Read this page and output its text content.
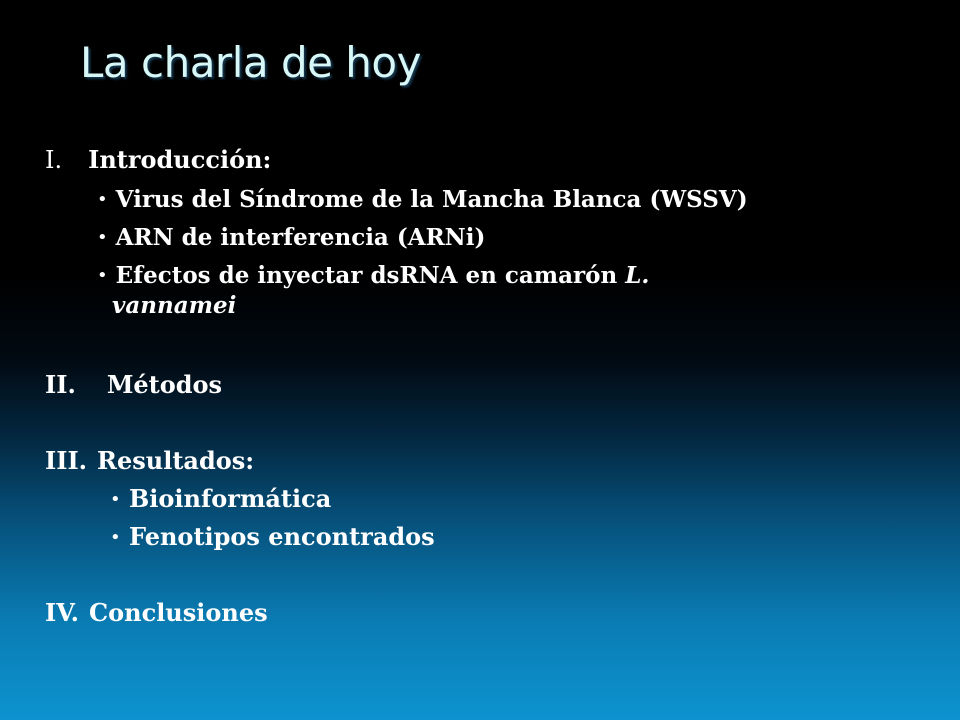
La charla de hoy
I. Introducción:
• Virus del Síndrome de la Mancha Blanca (WSSV)
• ARN de interferencia (ARNi)
• Efectos de inyectar dsRNA en camarón L.
vannamei
II. Métodos
III. Resultados:
• Bioinformática
• Fenotipos encontrados
IV. Conclusiones
